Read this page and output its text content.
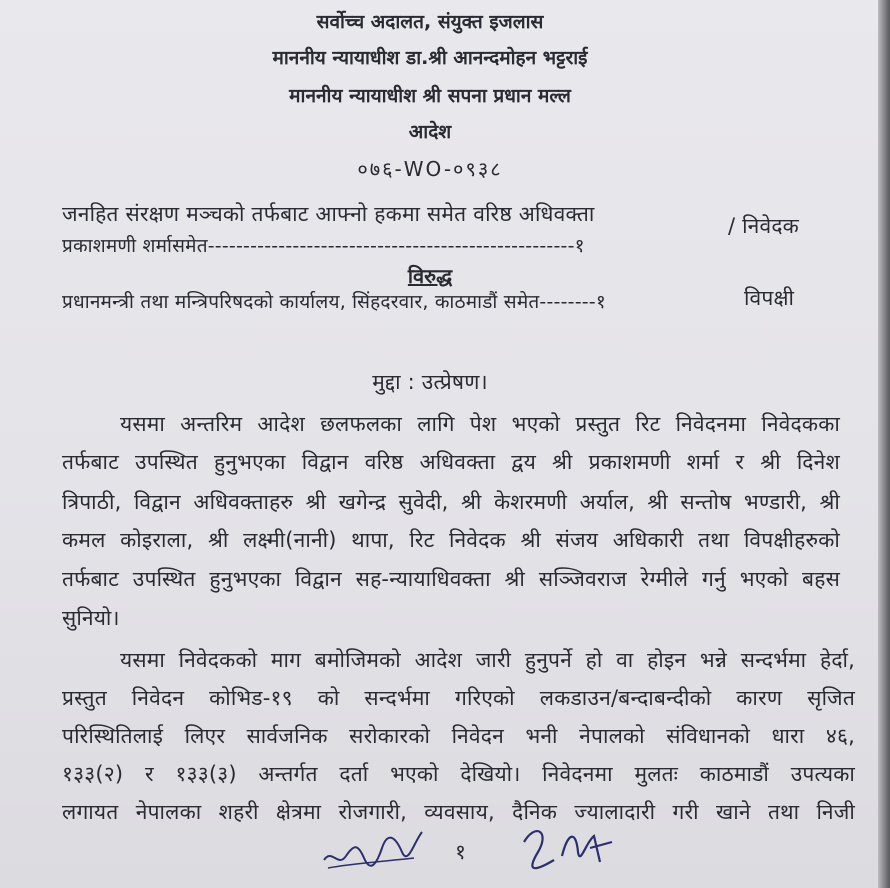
सर्वोच्च अदालत, संयुक्त इजलास
माननीय न्यायाधीश डा.श्री आनन्दमोहन भट्टराई
माननीय न्यायाधीश श्री सपना प्रधान मल्ल
आदेश
०७६-WO-०९३८
जनहित संरक्षण मञ्चको तर्फबाट आफ्नो हकमा समेत वरिष्ठ अधिवक्ता
प्रकाशमणी शर्मासमेत----------------------------------------------------१
/ निवेदक
विरुद्ध
प्रधानमन्त्री तथा मन्त्रिपरिषदको कार्यालय, सिंहदरवार, काठमाडौं समेत--------१	विपक्षी
मुद्दा : उत्प्रेषण।
यसमा अन्तरिम आदेश छलफलका लागि पेश भएको प्रस्तुत रिट निवेदनमा निवेदकका
तर्फबाट उपस्थित हुनुभएका विद्वान वरिष्ठ अधिवक्ता द्वय श्री प्रकाशमणी शर्मा र श्री दिनेश
त्रिपाठी, विद्वान अधिवक्ताहरु श्री खगेन्द्र सुवेदी, श्री केशरमणी अर्याल, श्री सन्तोष भण्डारी, श्री
कमल कोइराला, श्री लक्ष्मी(नानी) थापा, रिट निवेदक श्री संजय अधिकारी तथा विपक्षीहरुको
तर्फबाट उपस्थित हुनुभएका विद्वान सह-न्यायाधिवक्ता श्री सञ्जिवराज रेग्मीले गर्नु भएको बहस
सुनियो।
यसमा निवेदकको माग बमोजिमको आदेश जारी हुनुपर्ने हो वा होइन भन्ने सन्दर्भमा हेर्दा,
प्रस्तुत निवेदन कोभिड-१९ को सन्दर्भमा गरिएको लकडाउन/बन्दाबन्दीको कारण सृजित
परिस्थितिलाई लिएर सार्वजनिक सरोकारको निवेदन भनी नेपालको संविधानको धारा ४६,
१३३(२) र १३३(३) अन्तर्गत दर्ता भएको देखियो। निवेदनमा मुलतः काठमाडौं उपत्यका
लगायत नेपालका शहरी क्षेत्रमा रोजगारी, व्यवसाय, दैनिक ज्यालादारी गरी खाने तथा निजी
१
